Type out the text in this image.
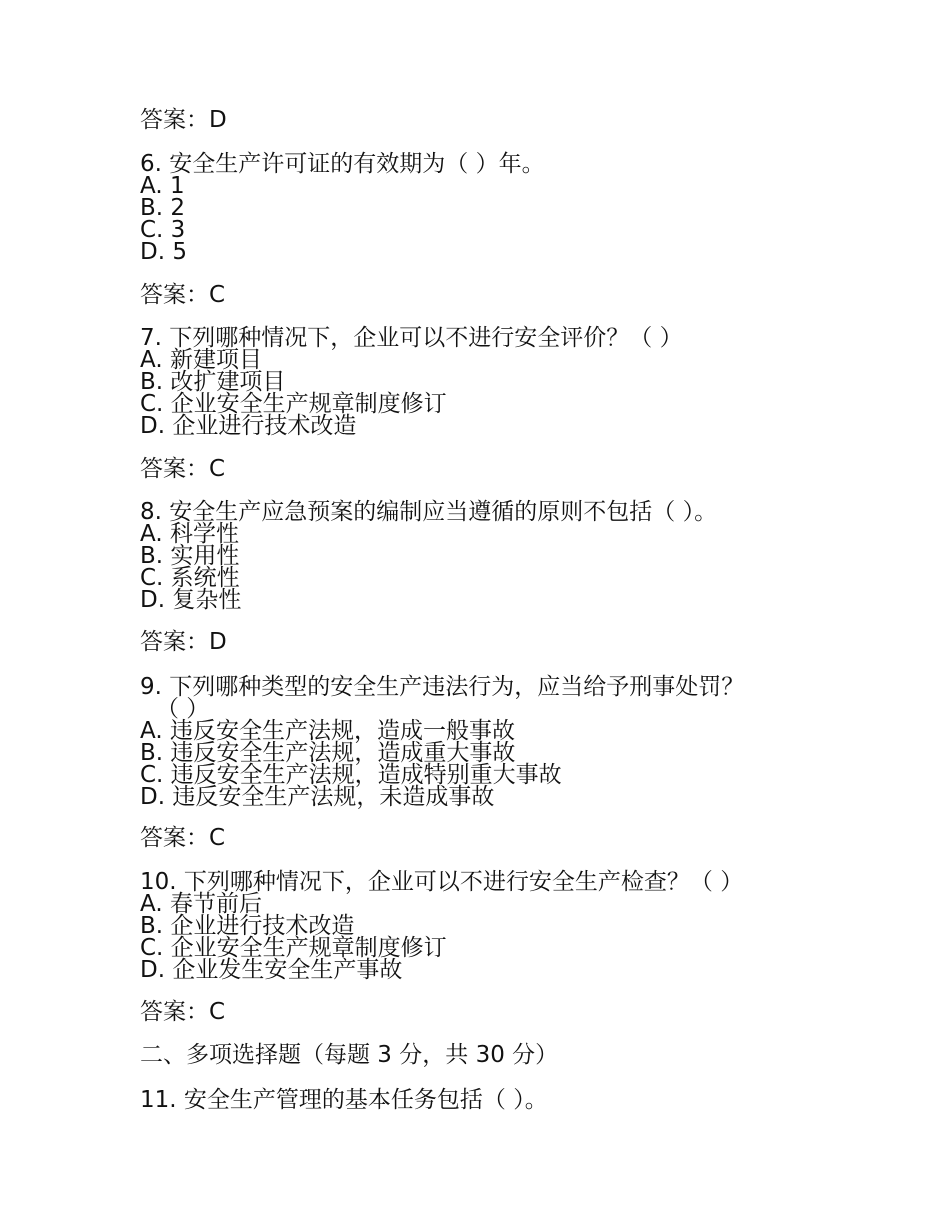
答案：D
6. 安全生产许可证的有效期为（ ）年。
A. 1
B. 2
C. 3
D. 5
答案：C
7. 下列哪种情况下，企业可以不进行安全评价？（ ）
A. 新建项目
B. 改扩建项目
C. 企业安全生产规章制度修订
D. 企业进行技术改造
答案：C
8. 安全生产应急预案的编制应当遵循的原则不包括（ ）。
A. 科学性
B. 实用性
C. 系统性
D. 复杂性
答案：D
9. 下列哪种类型的安全生产违法行为，应当给予刑事处罚？
（ ）
A. 违反安全生产法规，造成一般事故
B. 违反安全生产法规，造成重大事故
C. 违反安全生产法规，造成特别重大事故
D. 违反安全生产法规，未造成事故
答案：C
10. 下列哪种情况下，企业可以不进行安全生产检查？（ ）
A. 春节前后
B. 企业进行技术改造
C. 企业安全生产规章制度修订
D. 企业发生安全生产事故
答案：C
二、多项选择题（每题 3 分，共 30 分）
11. 安全生产管理的基本任务包括（ ）。
